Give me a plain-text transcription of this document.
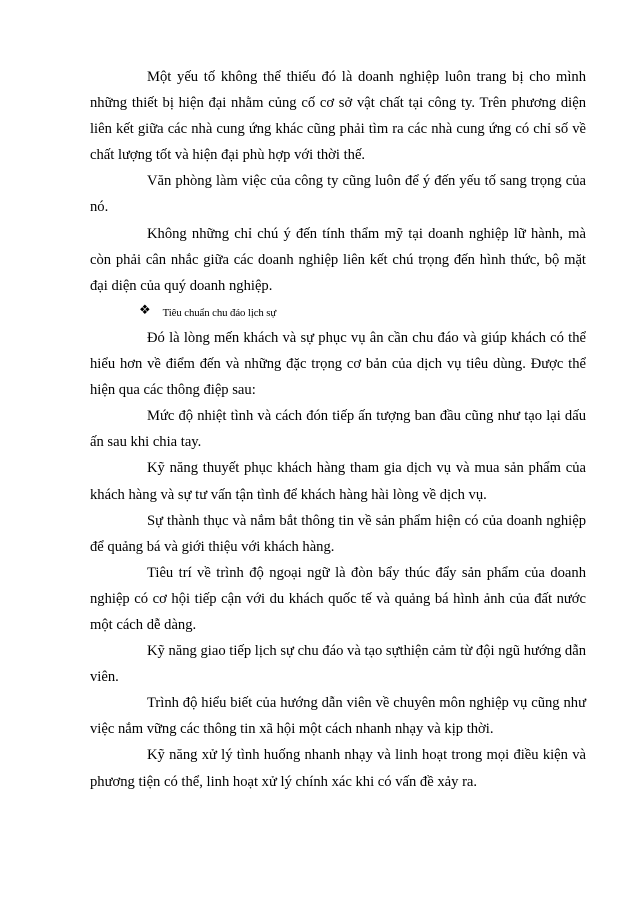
Một yếu tố không thể thiếu đó là doanh nghiệp luôn trang bị cho mình những thiết bị hiện đại nhằm củng cố cơ sở vật chất tại công ty. Trên phương diện liên kết giữa các nhà cung ứng khác cũng phải tìm ra các nhà cung ứng có chỉ số về chất lượng tốt và hiện đại phù hợp với thời thế.

Văn phòng làm việc của công ty cũng luôn để ý đến yếu tố sang trọng của nó.

Không những chỉ chú ý đến tính thẩm mỹ tại doanh nghiệp lữ hành, mà còn phải cân nhắc giữa các doanh nghiệp liên kết chú trọng đến hình thức, bộ mặt đại diện của quý doanh nghiệp.

❖ Tiêu chuẩn chu đáo lịch sự

Đó là lòng mến khách và sự phục vụ ân cần chu đáo và giúp khách có thể hiểu hơn về điểm đến và những đặc trọng cơ bản của dịch vụ tiêu dùng. Được thể hiện qua các thông điệp sau:

Mức độ nhiệt tình và cách đón tiếp ấn tượng ban đầu cũng như tạo lại dấu ấn sau khi chia tay.

Kỹ năng thuyết phục khách hàng tham gia dịch vụ và mua sản phẩm của khách hàng và sự tư vấn tận tình để khách hàng hài lòng về dịch vụ.

Sự thành thục và nắm bắt thông tin về sản phẩm hiện có của doanh nghiệp để quảng bá và giới thiệu với khách hàng.

Tiêu trí về trình độ ngoại ngữ là đòn bẩy thúc đẩy sản phẩm của doanh nghiệp có cơ hội tiếp cận với du khách quốc tế và quảng bá hình ảnh của đất nước một cách dễ dàng.

Kỹ năng giao tiếp lịch sự chu đáo và tạo sựthiện cảm từ đội ngũ hướng dẫn viên.

Trình độ hiểu biết của hướng dẫn viên về chuyên môn nghiệp vụ cũng như việc nắm vững các thông tin xã hội một cách nhanh nhạy và kịp thời.

Kỹ năng xử lý tình huống nhanh nhạy và linh hoạt trong mọi điều kiện và phương tiện có thể, linh hoạt xử lý chính xác khi có vấn đề xảy ra.
